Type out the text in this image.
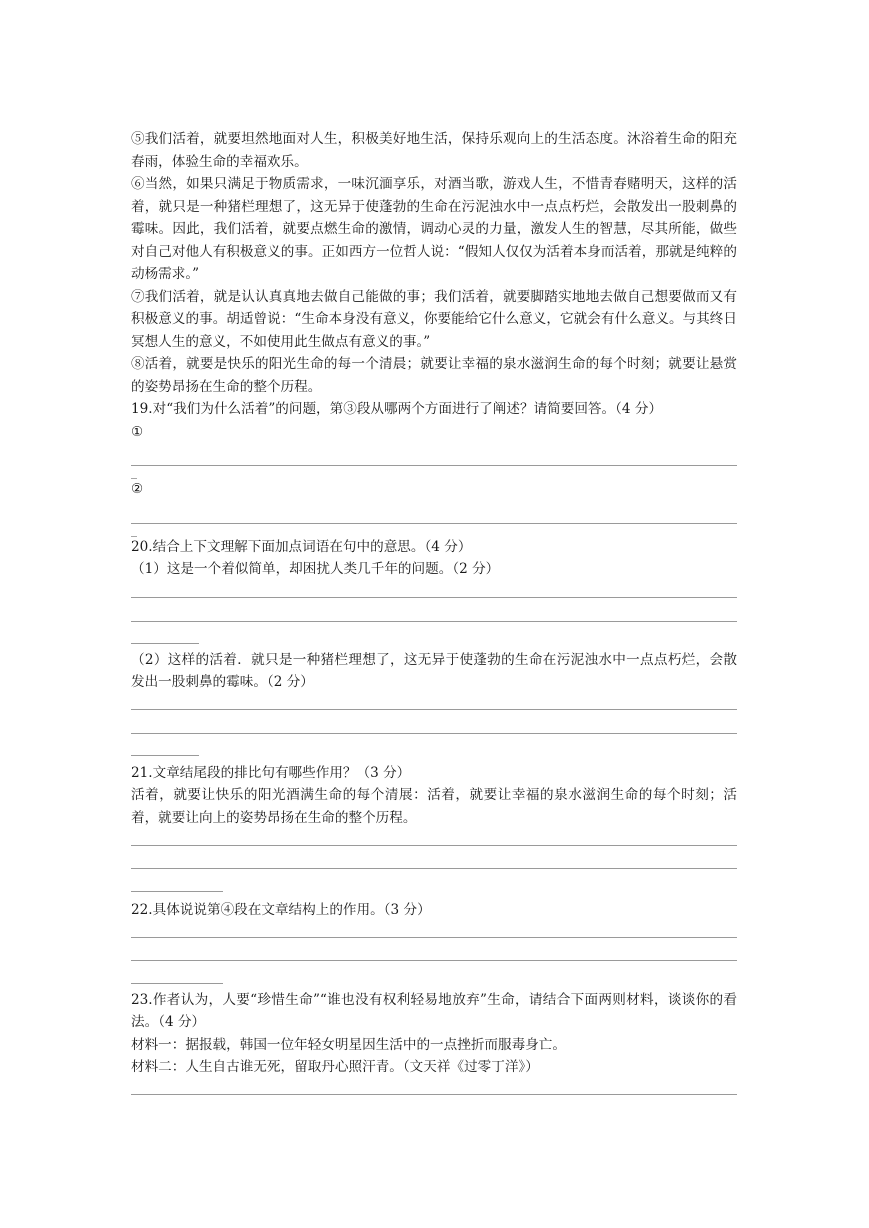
⑤我们活着，就要坦然地面对人生，积极美好地生活，保持乐观向上的生活态度。沐浴着生命的阳充春雨，体验生命的幸福欢乐。

⑥当然，如果只满足于物质需求，一味沉湎享乐，对酒当歌，游戏人生，不惜青春赌明天，这样的活着，就只是一种猪栏理想了，这无异于使蓬勃的生命在污泥浊水中一点点朽烂，会散发出一股刺鼻的霉味。因此，我们活着，就要点燃生命的激情，调动心灵的力量，激发人生的智慧，尽其所能，做些对自己对他人有积极意义的事。正如西方一位哲人说：“假知人仅仅为活着本身而活着，那就是纯粹的动杨需求。”

⑦我们活着，就是认认真真地去做自己能做的事；我们活着，就要脚踏实地地去做自己想要做而又有积极意义的事。胡适曾说：“生命本身没有意义，你要能给它什么意义，它就会有什么意义。与其终日冥想人生的意义，不如使用此生做点有意义的事。”

⑧活着，就要是快乐的阳光生命的每一个清晨；就要让幸福的泉水滋润生命的每个时刻；就要让悬赏的姿势昂扬在生命的整个历程。

19.对“我们为什么活着”的问题，第③段从哪两个方面进行了阐述？请简要回答。（4 分）

①

_

②

_

20.结合上下文理解下面加点词语在句中的意思。（4 分）

（1）这是一个着似简单，却困扰人类几千年的问题。（2 分）

（2）这样的活着．就只是一种猪栏理想了，这无异于使蓬勃的生命在污泥浊水中一点点朽烂，会散发出一股刺鼻的霉味。（2 分）

21.文章结尾段的排比句有哪些作用？（3 分）

活着，就要让快乐的阳光酒满生命的每个清展：活着，就要让幸福的泉水滋润生命的每个时刻；活着，就要让向上的姿势昂扬在生命的整个历程。

22.具体说说第④段在文章结构上的作用。（3 分）

23.作者认为，人要“珍惜生命”“谁也没有权利轻易地放弃”生命，请结合下面两则材料，谈谈你的看法。（4 分）

材料一：据报载，韩国一位年轻女明星因生活中的一点挫折而服毒身亡。

材料二：人生自古谁无死，留取丹心照汗青。（文天祥《过零丁洋》）
